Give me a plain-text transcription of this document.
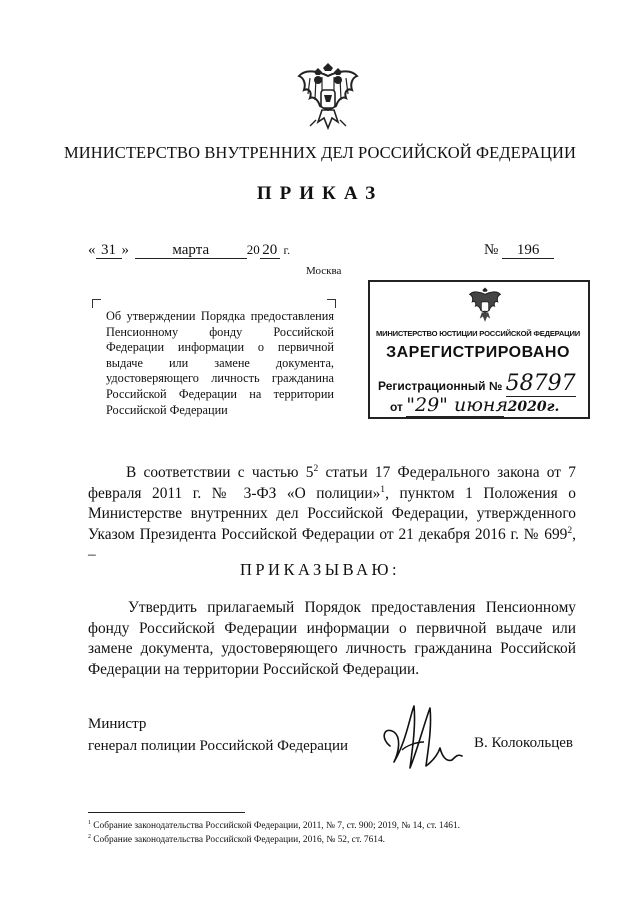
МИНИСТЕРСТВО ВНУТРЕННИХ ДЕЛ РОССИЙСКОЙ ФЕДЕРАЦИИ
ПРИКАЗ
« 31 »	марта	20 20 г.	№ 196
Москва
Об утверждении Порядка предоставления Пенсионному фонду Российской Федерации информации о первичной выдаче или замене документа, удостоверяющего личность гражданина Российской Федерации на территории Российской Федерации
МИНИСТЕРСТВО ЮСТИЦИИ РОССИЙСКОЙ ФЕДЕРАЦИИ
ЗАРЕГИСТРИРОВАНО
Регистрационный № 58797
от "29" июня 2020г.
В соответствии с частью $5^2$ статьи 17 Федерального закона от 7 февраля 2011 г. № 3-ФЗ «О полиции»$^1$, пунктом 1 Положения о Министерстве внутренних дел Российской Федерации, утвержденного Указом Президента Российской Федерации от 21 декабря 2016 г. № $699^2$, –
ПРИКАЗЫВАЮ:
Утвердить прилагаемый Порядок предоставления Пенсионному фонду Российской Федерации информации о первичной выдаче или замене документа, удостоверяющего личность гражданина Российской Федерации на территории Российской Федерации.
Министр
генерал полиции Российской Федерации	В. Колокольцев
$^1$ Собрание законодательства Российской Федерации, 2011, № 7, ст. 900; 2019, № 14, ст. 1461.
$^2$ Собрание законодательства Российской Федерации, 2016, № 52, ст. 7614.
